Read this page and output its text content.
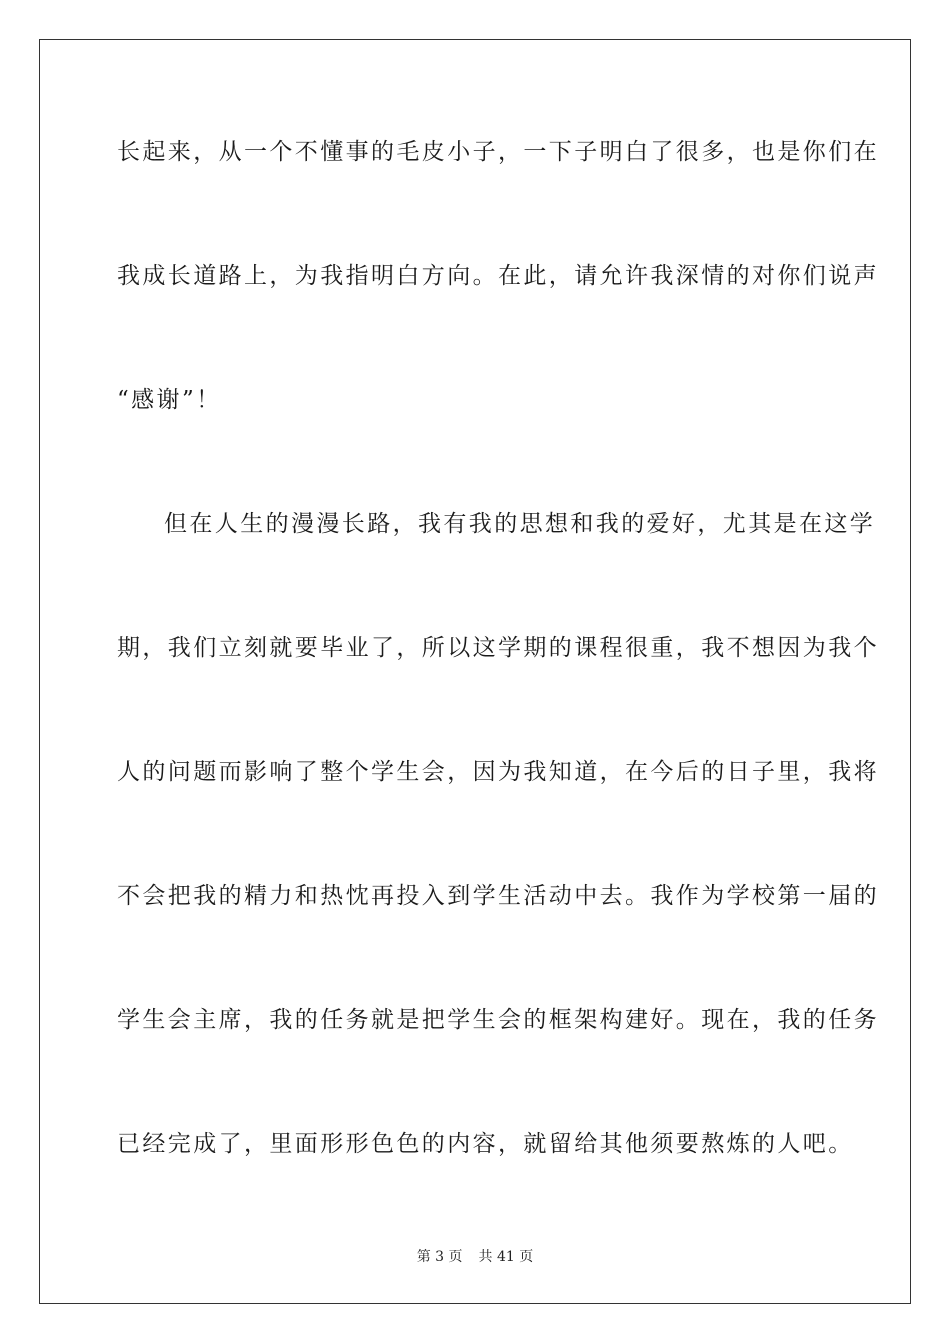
长起来，从一个不懂事的毛皮小子，一下子明白了很多，也是你们在
我成长道路上，为我指明白方向。在此，请允许我深情的对你们说声
“感谢”！
但在人生的漫漫长路，我有我的思想和我的爱好，尤其是在这学
期，我们立刻就要毕业了，所以这学期的课程很重，我不想因为我个
人的问题而影响了整个学生会，因为我知道，在今后的日子里，我将
不会把我的精力和热忱再投入到学生活动中去。我作为学校第一届的
学生会主席，我的任务就是把学生会的框架构建好。现在，我的任务
已经完成了，里面形形色色的内容，就留给其他须要熬炼的人吧。
第 3 页 共 41 页
